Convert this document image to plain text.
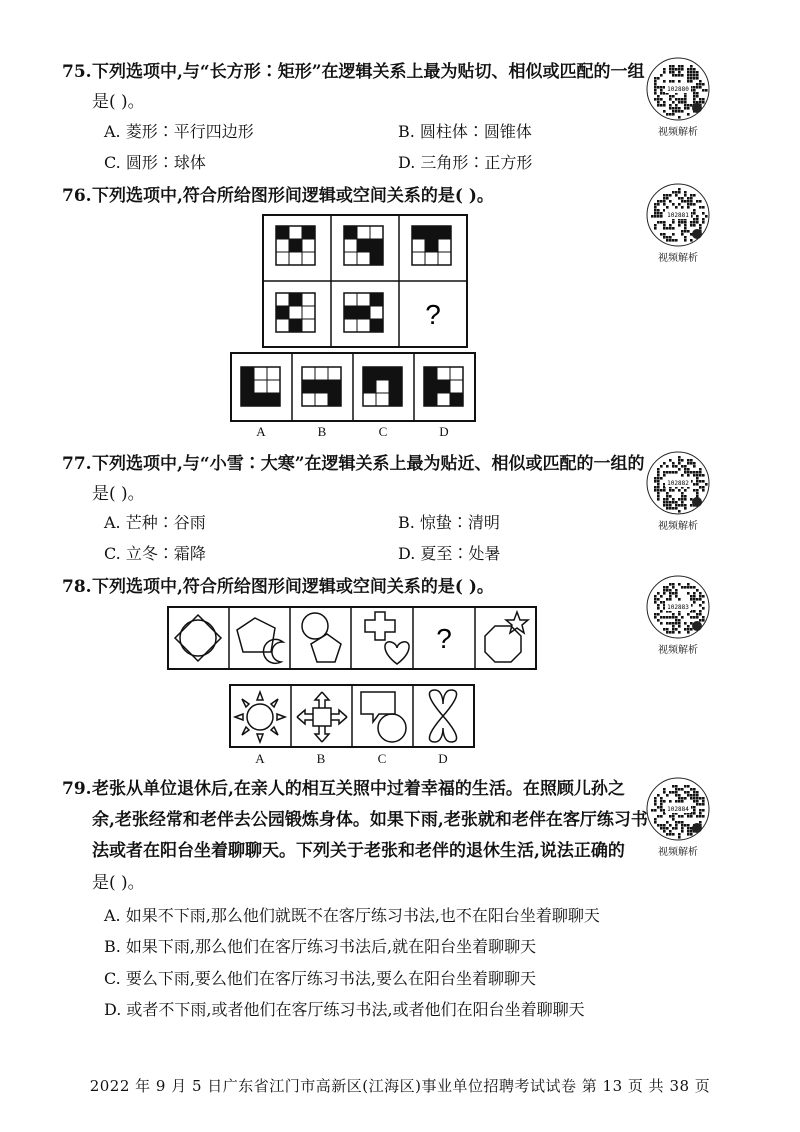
75.下列选项中,与“长方形∶矩形”在逻辑关系上最为贴切、相似或匹配的一组
是( )。
A. 菱形∶平行四边形	B. 圆柱体∶圆锥体
C. 圆形∶球体	D. 三角形∶正方形
76.下列选项中,符合所给图形间逻辑或空间关系的是( )。
?
A	B	C	D
77.下列选项中,与“小雪∶大寒”在逻辑关系上最为贴近、相似或匹配的一组的
是( )。
A. 芒种∶谷雨	B. 惊蛰∶清明
C. 立冬∶霜降	D. 夏至∶处暑
78.下列选项中,符合所给图形间逻辑或空间关系的是( )。
?
A	B	C	D
79.老张从单位退休后,在亲人的相互关照中过着幸福的生活。在照顾儿孙之
余,老张经常和老伴去公园锻炼身体。如果下雨,老张就和老伴在客厅练习书
法或者在阳台坐着聊聊天。下列关于老张和老伴的退休生活,说法正确的
是( )。
A. 如果不下雨,那么他们就既不在客厅练习书法,也不在阳台坐着聊聊天
B. 如果下雨,那么他们在客厅练习书法后,就在阳台坐着聊聊天
C. 要么下雨,要么他们在客厅练习书法,要么在阳台坐着聊聊天
D. 或者不下雨,或者他们在客厅练习书法,或者他们在阳台坐着聊聊天
102880
视频解析
102881
视频解析
102882
视频解析
102883
视频解析
102884
视频解析
2022 年 9 月 5 日广东省江门市高新区(江海区)事业单位招聘考试试卷 第 13 页 共 38 页
